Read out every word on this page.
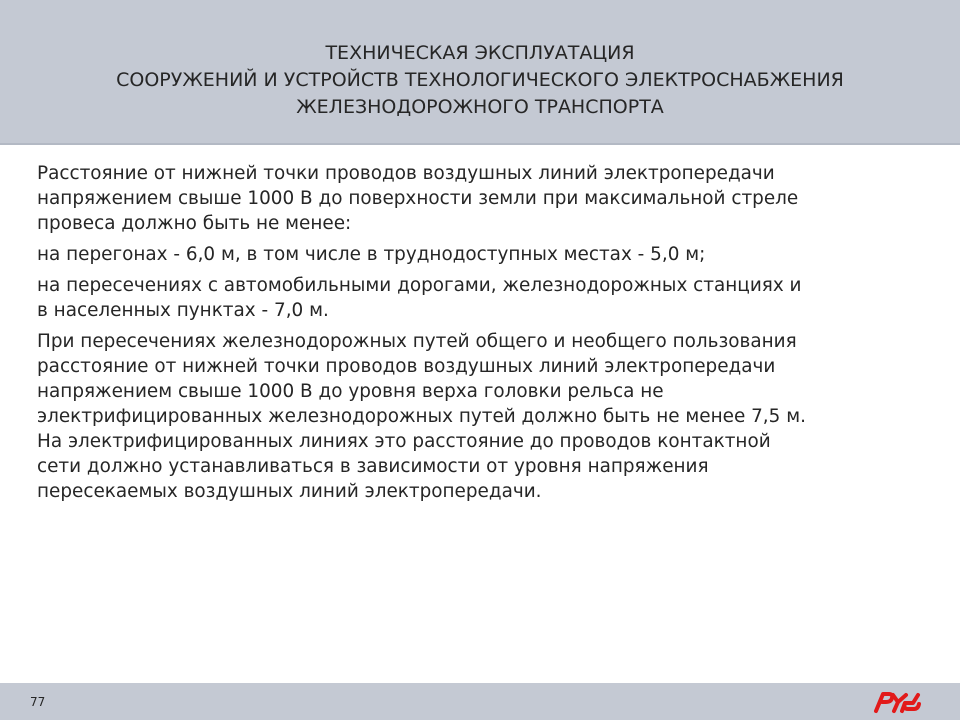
ТЕХНИЧЕСКАЯ ЭКСПЛУАТАЦИЯ
СООРУЖЕНИЙ И УСТРОЙСТВ ТЕХНОЛОГИЧЕСКОГО ЭЛЕКТРОСНАБЖЕНИЯ
ЖЕЛЕЗНОДОРОЖНОГО ТРАНСПОРТА

Расстояние от нижней точки проводов воздушных линий электропередачи
напряжением свыше 1000 В до поверхности земли при максимальной стреле
провеса должно быть не менее:

на перегонах - 6,0 м, в том числе в труднодоступных местах - 5,0 м;

на пересечениях с автомобильными дорогами, железнодорожных станциях и
в населенных пунктах - 7,0 м.

При пересечениях железнодорожных путей общего и необщего пользования
расстояние от нижней точки проводов воздушных линий электропередачи
напряжением свыше 1000 В до уровня верха головки рельса не
электрифицированных железнодорожных путей должно быть не менее 7,5 м.
На электрифицированных линиях это расстояние до проводов контактной
сети должно устанавливаться в зависимости от уровня напряжения
пересекаемых воздушных линий электропередачи.

77
